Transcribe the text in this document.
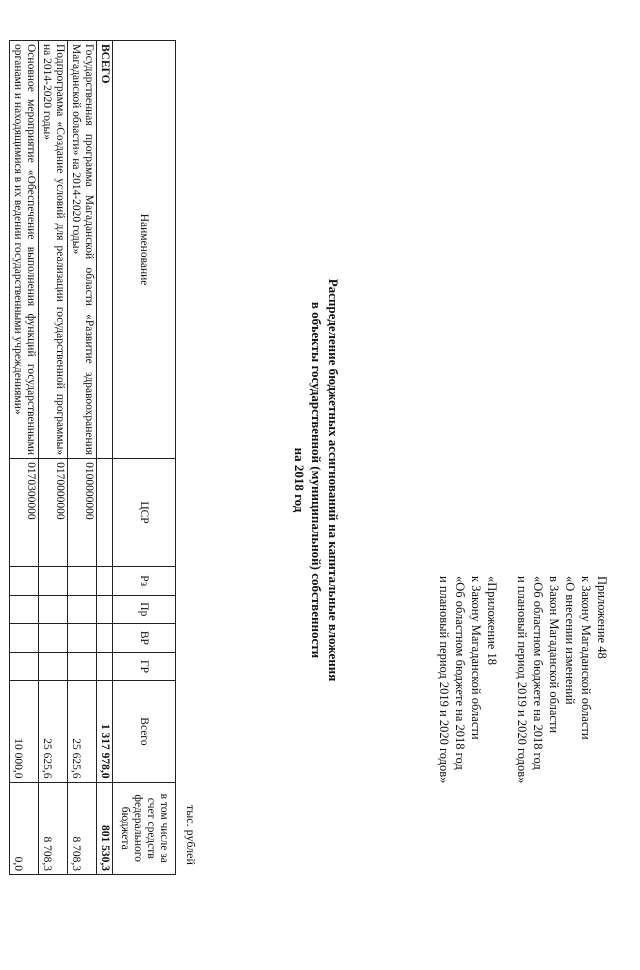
Приложение 48
к Закону Магаданской области
«О внесении изменений
в Закон Магаданской области
«Об областном бюджете на 2018 год
и плановый период 2019 и 2020 годов»
«Приложение 18
к Закону Магаданской области
«Об областном бюджете на 2018 год
и плановый период 2019 и 2020 годов»
Распределение бюджетных ассигнований на капитальные вложения
в объекты государственной (муниципальной) собственности
на 2018 год
тыс. рублей
Наименование	ЦСР	Рз	Пр	ВР	ГР	Всего	в том числе за счет средств федерального бюджета
ВСЕГО						1 317 978,0	801 530,3
Государственная программа Магаданской области «Развитие здравоохранения Магаданской области» на 2014-2020 годы»	0100000000					25 625,6	8 708,3
Подпрограмма «Создание условий для реализации государственной программы» на 2014-2020 годы»	0170000000					25 625,6	8 708,3
Основное мероприятие «Обеспечение выполнения функций государственными органами и находящимися в их ведении государственными учреждениями»	0170300000					10 000,0	0,0
